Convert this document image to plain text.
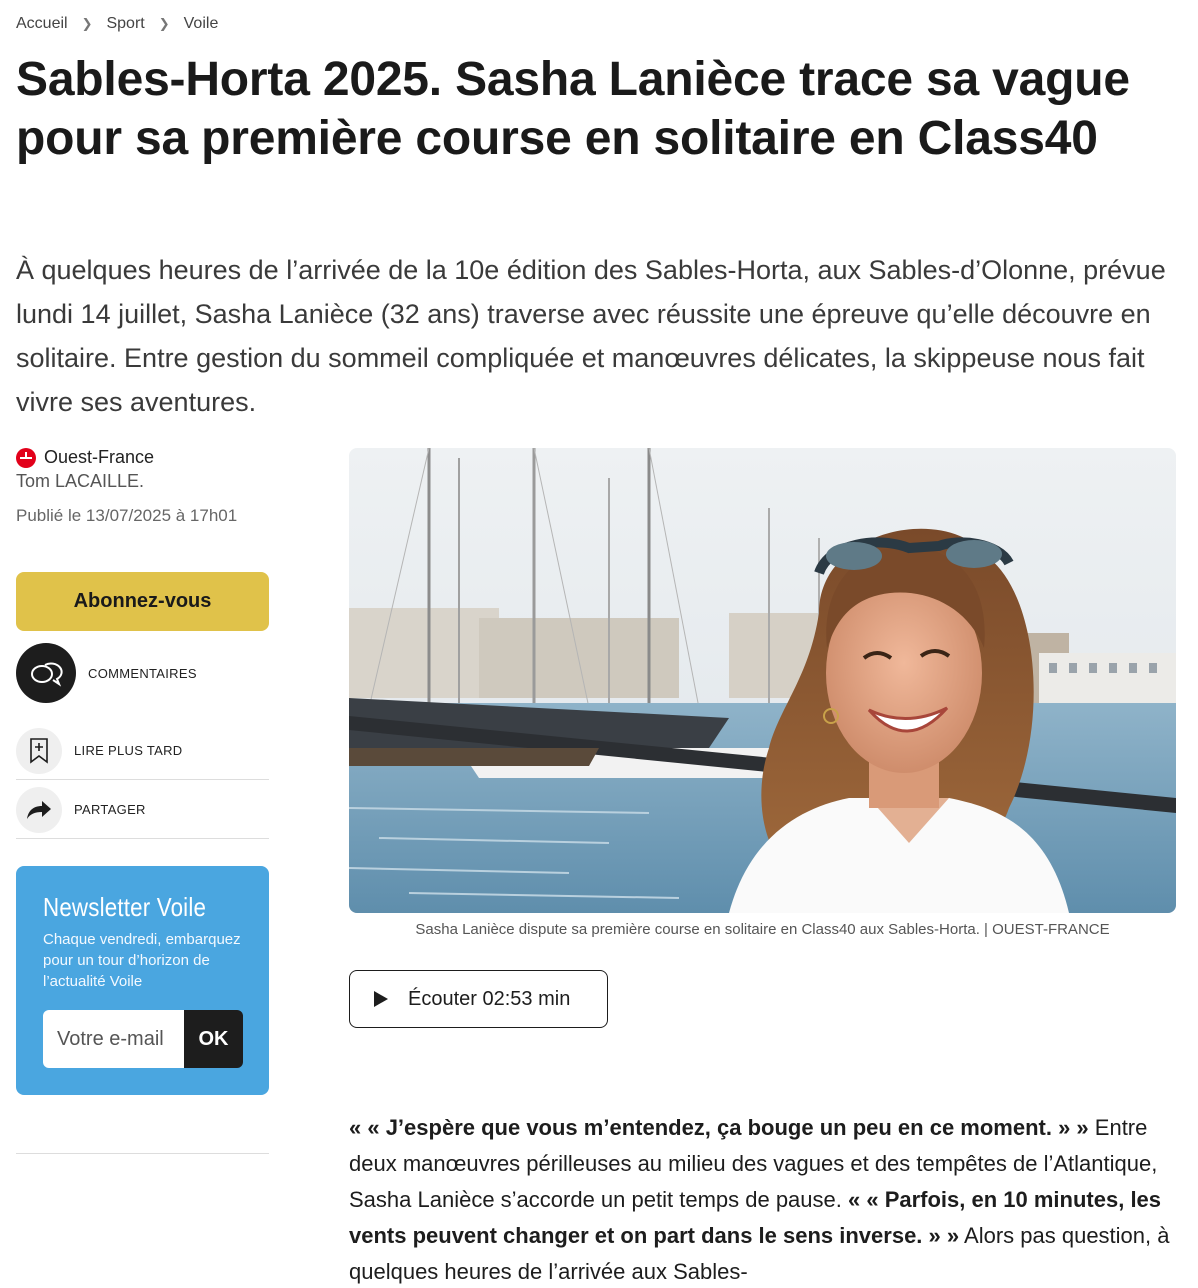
Accueil ❯ Sport ❯ Voile
Sables-Horta 2025. Sasha Lanièce trace sa vague pour sa première course en solitaire en Class40

À quelques heures de l’arrivée de la 10e édition des Sables-Horta, aux Sables-d’Olonne, prévue lundi 14 juillet, Sasha Lanièce (32 ans) traverse avec réussite une épreuve qu’elle découvre en solitaire. Entre gestion du sommeil compliquée et manœuvres délicates, la skippeuse nous fait vivre ses aventures.

Ouest-France
Tom LACAILLE.
Publié le 13/07/2025 à 17h01
Abonnez-vous
COMMENTAIRES
LIRE PLUS TARD
PARTAGER
Newsletter Voile
Chaque vendredi, embarquez pour un tour d’horizon de l’actualité Voile
Votre e-mail
OK
Sasha Lanièce dispute sa première course en solitaire en Class40 aux Sables-Horta. | OUEST-FRANCE
Écouter 02:53 min

« « J’espère que vous m’entendez, ça bouge un peu en ce moment. » » Entre deux manœuvres périlleuses au milieu des vagues et des tempêtes de l’Atlantique, Sasha Lanièce s’accorde un petit temps de pause. « « Parfois, en 10 minutes, les vents peuvent changer et on part dans le sens inverse. » » Alors pas question, à quelques heures de l’arrivée aux Sables-
